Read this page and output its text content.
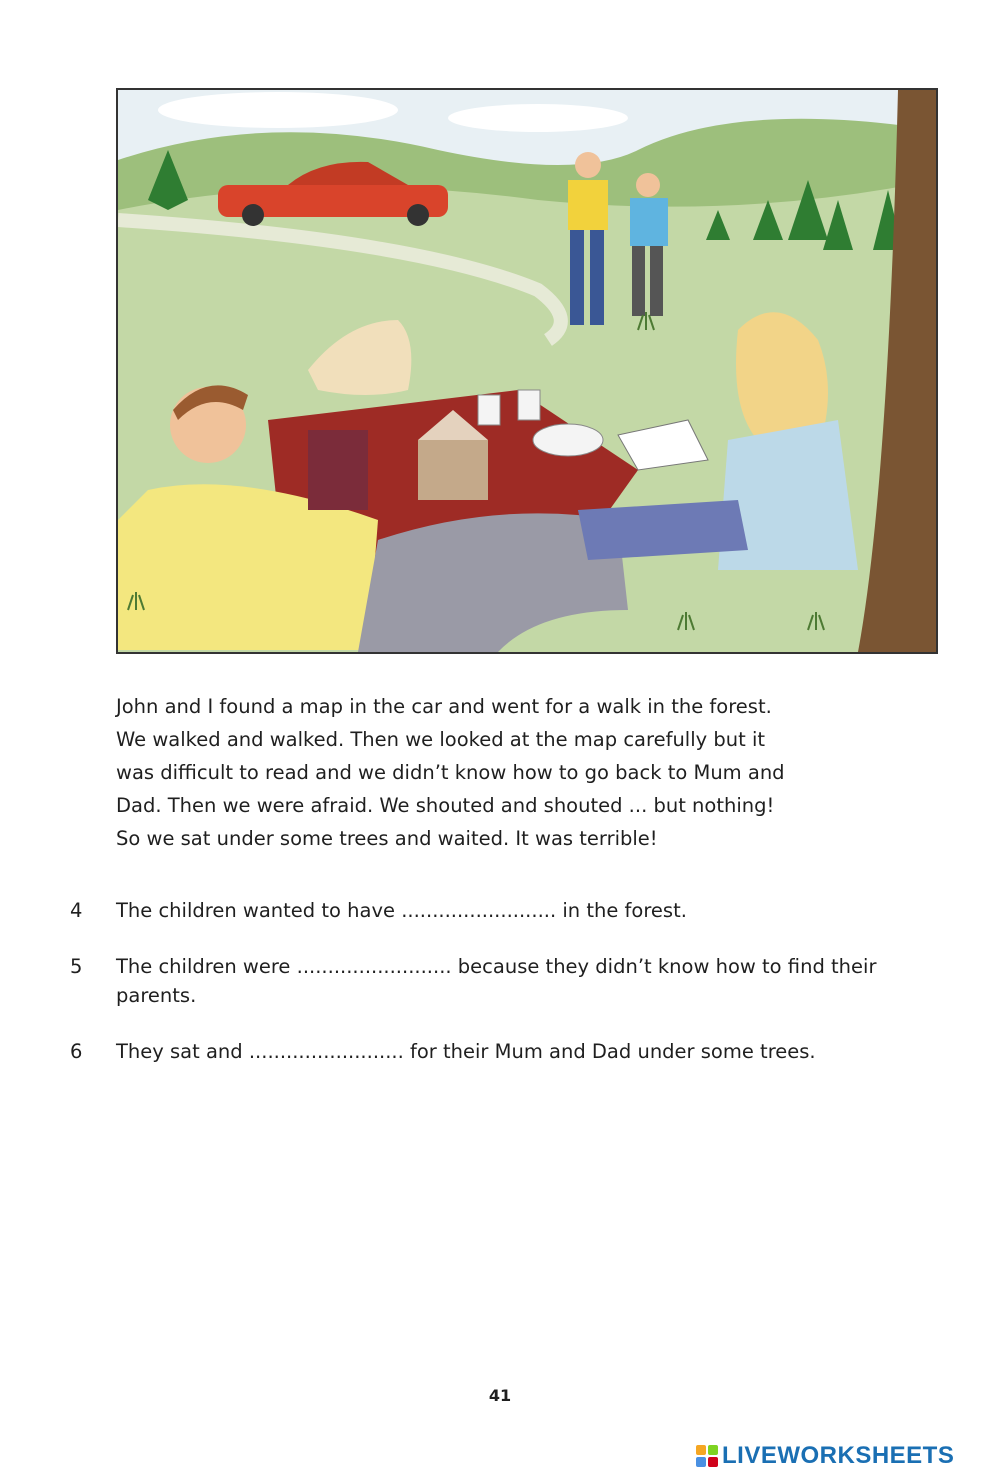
John and I found a map in the car and went for a walk in the forest.

We walked and walked. Then we looked at the map carefully but it

was difficult to read and we didn’t know how to go back to Mum and

Dad. Then we were afraid. We shouted and shouted ... but nothing!

So we sat under some trees and waited. It was terrible!

4	The children wanted to have ......................... in the forest.
5	The children were ......................... because they didn’t know how to find their parents.
6	They sat and ......................... for their Mum and Dad under some trees.
41
LIVEWORKSHEETS
